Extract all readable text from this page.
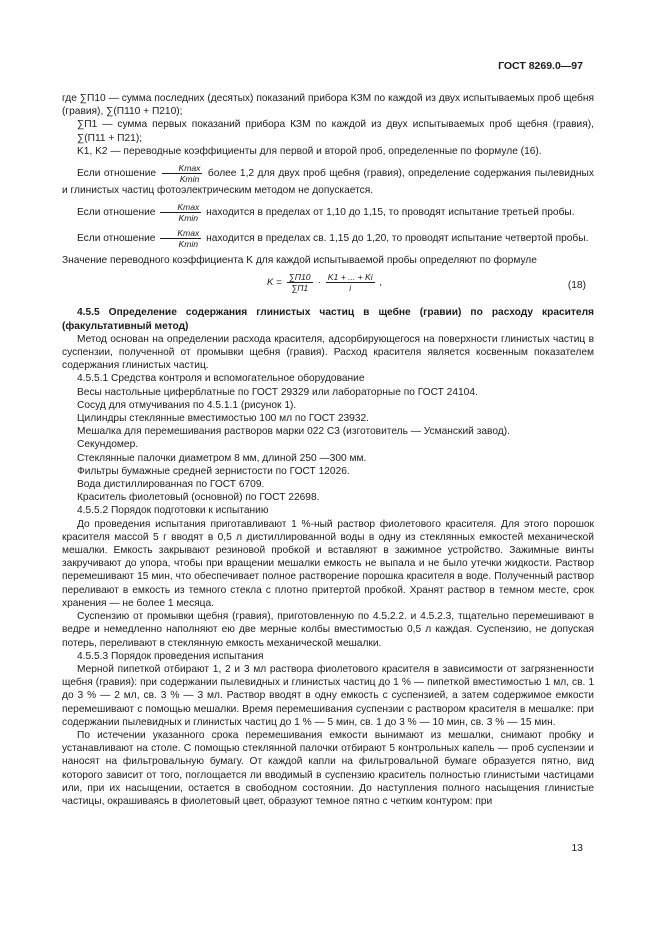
ГОСТ 8269.0—97

где ∑П10 — сумма последних (десятых) показаний прибора КЗМ по каждой из двух испытываемых проб щебня (гравия), ∑(П110 + П210);

∑П1 — сумма первых показаний прибора КЗМ по каждой из двух испытываемых проб щебня (гравия), ∑(П11 + П21);

K1, K2 — переводные коэффициенты для первой и второй проб, определенные по формуле (16).

Если отношение $\frac{Kmax}{Kmin}$ более 1,2 для двух проб щебня (гравия), определение содержания пылевидных и глинистых частиц фотоэлектрическим методом не допускается.

Если отношение $\frac{Kmax}{Kmin}$ находится в пределах от 1,10 до 1,15, то проводят испытание третьей пробы.

Если отношение $\frac{Kmax}{Kmin}$ находится в пределах св. 1,15 до 1,20, то проводят испытание четвертой пробы.

Значение переводного коэффициента K для каждой испытываемой пробы определяют по формуле

$K = \frac{\sum П10}{\sum П1} \cdot \frac{K1 + ... + Ki}{i}$ ,	(18)

4.5.5 Определение содержания глинистых частиц в щебне (гравии) по расходу красителя (факультативный метод)

Метод основан на определении расхода красителя, адсорбирующегося на поверхности глинистых частиц в суспензии, полученной от промывки щебня (гравия). Расход красителя является косвенным показателем содержания глинистых частиц.

4.5.5.1 Средства контроля и вспомогательное оборудование

Весы настольные циферблатные по ГОСТ 29329 или лабораторные по ГОСТ 24104.

Сосуд для отмучивания по 4.5.1.1 (рисунок 1).

Цилиндры стеклянные вместимостью 100 мл по ГОСТ 23932.

Мешалка для перемешивания растворов марки 022 С3 (изготовитель — Усманский завод).

Секундомер.

Стеклянные палочки диаметром 8 мм, длиной 250 —300 мм.

Фильтры бумажные средней зернистости по ГОСТ 12026.

Вода дистиллированная по ГОСТ 6709.

Краситель фиолетовый (основной) по ГОСТ 22698.

4.5.5.2 Порядок подготовки к испытанию

До проведения испытания приготавливают 1 %-ный раствор фиолетового красителя. Для этого порошок красителя массой 5 г вводят в 0,5 л дистиллированной воды в одну из стеклянных емкостей механической мешалки. Емкость закрывают резиновой пробкой и вставляют в зажимное устройство. Зажимные винты закручивают до упора, чтобы при вращении мешалки емкость не выпала и не было утечки жидкости. Раствор перемешивают 15 мин, что обеспечивает полное растворение порошка красителя в воде. Полученный раствор переливают в емкость из темного стекла с плотно притертой пробкой. Хранят раствор в темном месте, срок хранения — не более 1 месяца.

Суспензию от промывки щебня (гравия), приготовленную по 4.5.2.2. и 4.5.2.3, тщательно перемешивают в ведре и немедленно наполняют ею две мерные колбы вместимостью 0,5 л каждая. Суспензию, не допуская потерь, переливают в стеклянную емкость механической мешалки.

4.5.5.3 Порядок проведения испытания

Мерной пипеткой отбирают 1, 2 и 3 мл раствора фиолетового красителя в зависимости от загрязненности щебня (гравия): при содержании пылевидных и глинистых частиц до 1 % — пипеткой вместимостью 1 мл, св. 1 до 3 % — 2 мл, св. 3 % — 3 мл. Раствор вводят в одну емкость с суспензией, а затем содержимое емкости перемешивают с помощью мешалки. Время перемешивания суспензии с раствором красителя в мешалке: при содержании пылевидных и глинистых частиц до 1 % — 5 мин, св. 1 до 3 % — 10 мин, св. 3 % — 15 мин.

По истечении указанного срока перемешивания емкости вынимают из мешалки, снимают пробку и устанавливают на столе. С помощью стеклянной палочки отбирают 5 контрольных капель — проб суспензии и наносят на фильтровальную бумагу. От каждой капли на фильтровальной бумаге образуется пятно, вид которого зависит от того, поглощается ли вводимый в суспензию краситель полностью глинистыми частицами или, при их насыщении, остается в свободном состоянии. До наступления полного насыщения глинистые частицы, окрашиваясь в фиолетовый цвет, образуют темное пятно с четким контуром: при

13
